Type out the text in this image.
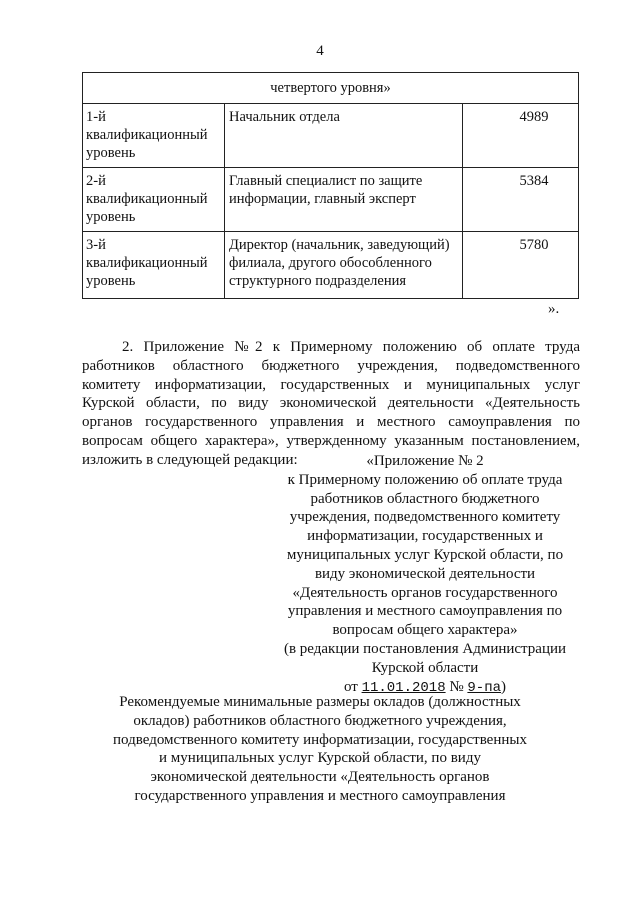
4
четвертого уровня»		

1-й
квалификационный
уровень	Начальник отдела	4989

2-й
квалификационный
уровень	Главный специалист по защите информации, главный эксперт	5384

3-й
квалификационный
уровень	Директор (начальник, заведующий) филиала, другого обособленного структурного подразделения	5780
».
2. Приложение №2 к Примерному положению об оплате труда работников областного бюджетного учреждения, подведомственного комитету информатизации, государственных и муниципальных услуг Курской области, по виду экономической деятельности «Деятельность органов государственного управления и местного самоуправления по вопросам общего характера», утвержденному указанным постановлением, изложить в следующей редакции:	«Приложение № 2
к Примерному положению об оплате труда работников областного бюджетного учреждения, подведомственного комитету информатизации, государственных и муниципальных услуг Курской области, по виду экономической деятельности «Деятельность органов государственного управления и местного самоуправления по вопросам общего характера»
(в редакции постановления Администрации Курской области
от 11.01.2018 № 9-па)
Рекомендуемые минимальные размеры окладов (должностных окладов) работников областного бюджетного учреждения, подведомственного комитету информатизации, государственных и муниципальных услуг Курской области, по виду экономической деятельности «Деятельность органов государственного управления и местного самоуправления
